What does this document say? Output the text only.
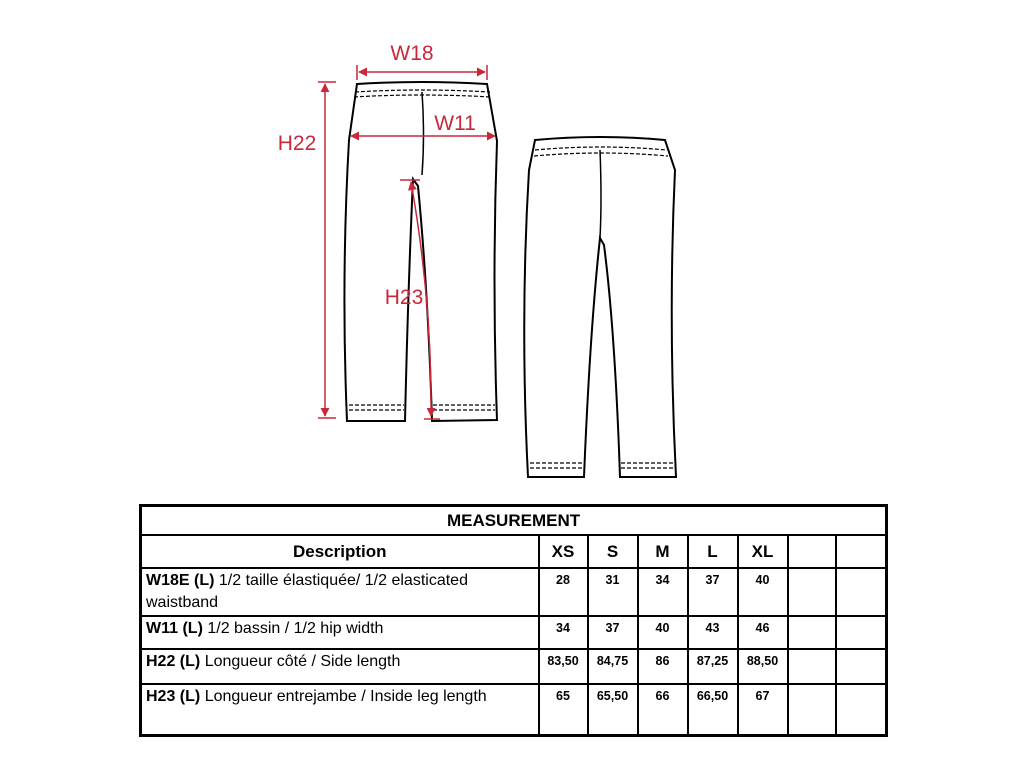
W18
W11
H22
H23
MEASUREMENT							
Description	XS	S	M	L	XL		
W18E (L) 1/2 taille élastiquée/ 1/2 elasticated waistband	28	31	34	37	40		
W11 (L) 1/2 bassin / 1/2 hip width	34	37	40	43	46		
H22 (L) Longueur côté / Side length	83,50	84,75	86	87,25	88,50		
H23 (L) Longueur entrejambe / Inside leg length	65	65,50	66	66,50	67		
